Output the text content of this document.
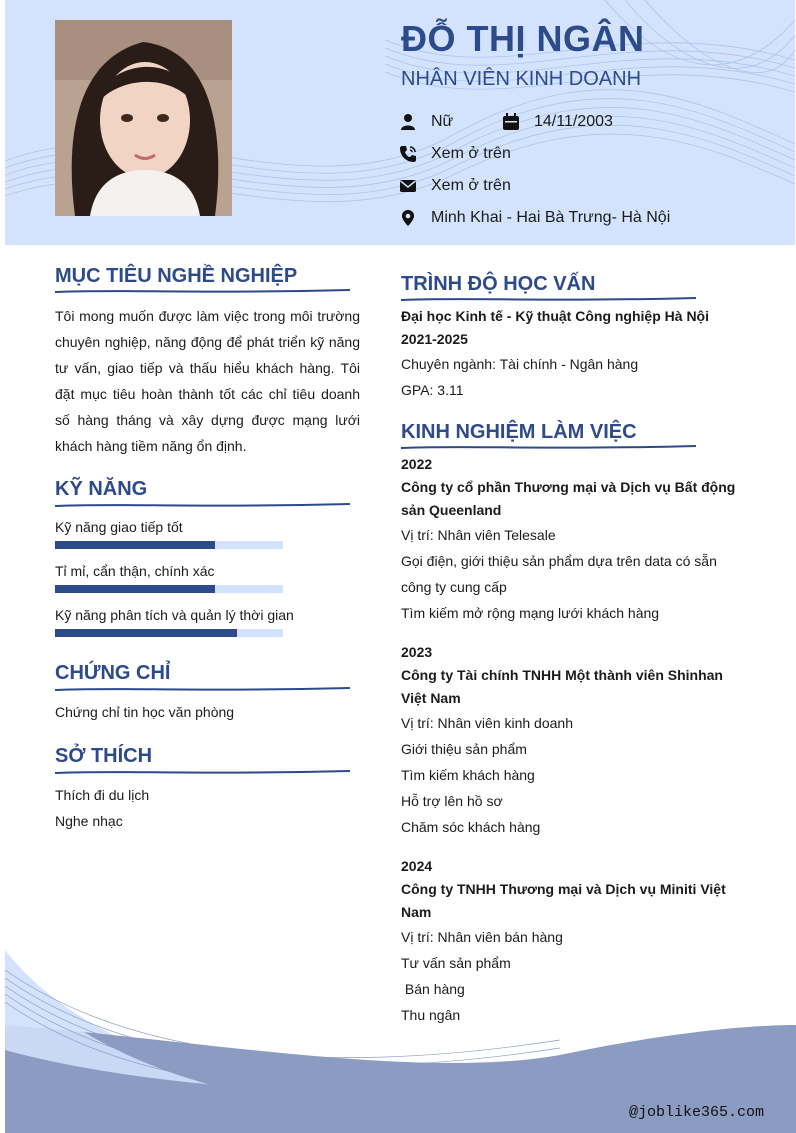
ĐỖ THỊ NGÂN
NHÂN VIÊN KINH DOANH
Nữ	14/11/2003
Xem ở trên
Xem ở trên
Minh Khai - Hai Bà Trưng- Hà Nội
MỤC TIÊU NGHỀ NGHIỆP
Tôi mong muốn được làm việc trong môi trường chuyên nghiệp, năng động để phát triển kỹ năng tư vấn, giao tiếp và thấu hiểu khách hàng. Tôi đặt mục tiêu hoàn thành tốt các chỉ tiêu doanh số hàng tháng và xây dựng được mạng lưới khách hàng tiềm năng ổn định.
KỸ NĂNG
Kỹ năng giao tiếp tốt
Tỉ mỉ, cẩn thận, chính xác
Kỹ năng phân tích và quản lý thời gian
CHỨNG CHỈ
Chứng chỉ tin học văn phòng
SỞ THÍCH
Thích đi du lịch
Nghe nhạc
TRÌNH ĐỘ HỌC VẤN
Đại học Kinh tế - Kỹ thuật Công nghiệp Hà Nội
2021-2025
Chuyên ngành: Tài chính - Ngân hàng
GPA: 3.11
KINH NGHIỆM LÀM VIỆC
2022
Công ty cổ phần Thương mại và Dịch vụ Bất động
sản Queenland
Vị trí: Nhân viên Telesale
Gọi điện, giới thiệu sản phẩm dựa trên data có sẵn
công ty cung cấp
Tìm kiếm mở rộng mạng lưới khách hàng
2023
Công ty Tài chính TNHH Một thành viên Shinhan
Việt Nam
Vị trí: Nhân viên kinh doanh
Giới thiệu sản phẩm
Tìm kiếm khách hàng
Hỗ trợ lên hồ sơ
Chăm sóc khách hàng
2024
Công ty TNHH Thương mại và Dịch vụ Miniti Việt
Nam
Vị trí: Nhân viên bán hàng
Tư vấn sản phẩm
Bán hàng
Thu ngân
@joblike365.com
